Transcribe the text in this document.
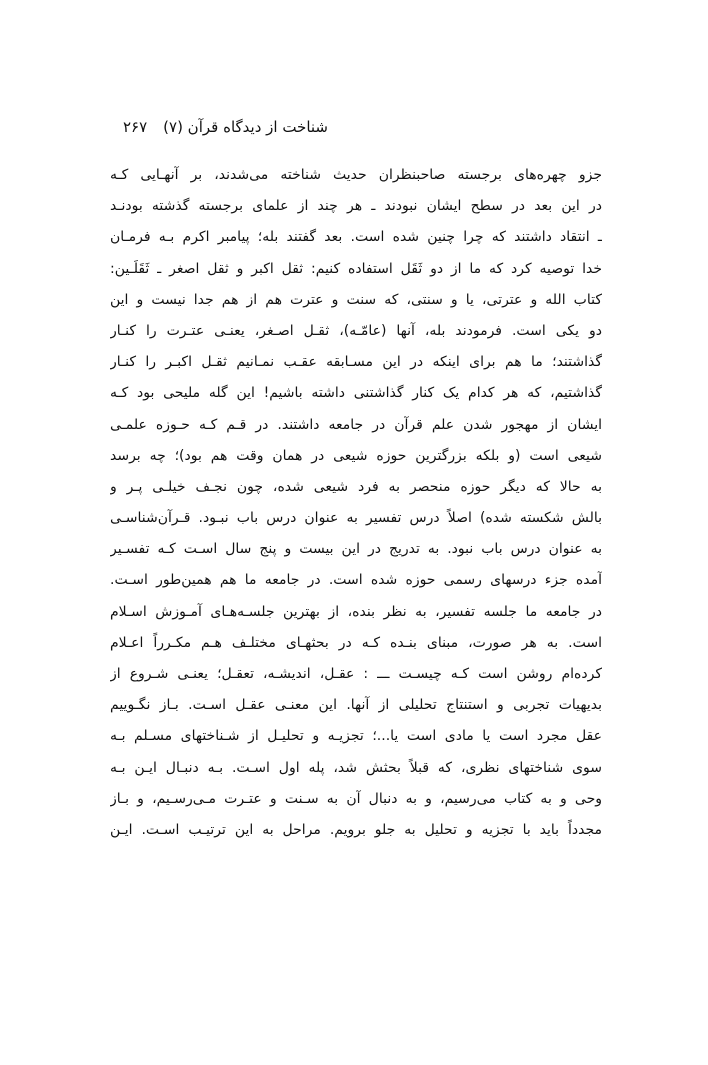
شناخت از دیدگاه قرآن (۷)
۲۶۷
جزو چهره‌های برجسته صاحبنظران حدیث شناخته می‌شدند، بر آنهـایی کـه
در این بعد در سطح ایشان نبودند ـ هر چند از علمای برجسته گذشته بودنـد
ـ انتقاد داشتند که چرا چنین شده است. بعد گفتند بله؛ پیامبر اکرم بـه فرمـان
خدا توصیه کرد که ما از دو ثَقَل استفاده کنیم: ثقل اکبر و ثقل اصغر ـ ثَقَلَـین:
کتاب الله و عترتی، یا و سنتی، که سنت و عترت هم از هم جدا نیست و این
دو یکی است. فرمودند بله، آنها (عامّـه)، ثقـل اصـغر، یعنـی عتـرت را کنـار
گذاشتند؛ ما هم برای اینکه در این مسـابقه عقـب نمـانیم ثقـل اکبـر را کنـار
گذاشتیم، که هر کدام یک کنار گذاشتنی داشته باشیم! این گله ملیحی بود کـه
ایشان از مهجور شدن علم قرآن در جامعه داشتند. در قـم کـه حـوزه علمـی
شیعی است (و بلکه بزرگترین حوزه شیعی در همان وقت هم بود)؛ چه برسد
به حالا که دیگر حوزه منحصر به فرد شیعی شده، چون نجـف خیلـی پـر و
بالش شکسته شده) اصلاً درس تفسیر به عنوان درس باب نبـود. قـرآن‌شناسـی
به عنوان درس باب نبود. به تدریج در این بیست و پنج سال اسـت کـه تفسـیر
آمده جزء درسهای رسمی حوزه شده است. در جامعه ما هم همین‌طور اسـت.
در جامعه ما جلسه تفسیر، به نظر بنده، از بهترین جلسـه‌هـای آمـوزش اسـلام
است. به هر صورت، مبنای بنـده کـه در بحثهـای مختلـف هـم مکـرراً اعـلام
کرده‌ام روشن است کـه چیسـت ـــ : عقـل، اندیشـه، تعقـل؛ یعنـی شـروع از
بدیهیات تجربی و استنتاج تحلیلی از آنها. این معنـی عقـل اسـت. بـاز نگـوییم
عقل مجرد است یا مادی است یا...؛ تجزیـه و تحلیـل از شـناختهای مسـلم بـه
سوی شناختهای نظری، که قبلاً بحثش شد، پله اول اسـت. بـه دنبـال ایـن بـه
وحی و به کتاب می‌رسیم، و به دنبال آن به سـنت و عتـرت مـی‌رسـیم، و بـاز
مجدداً باید با تجزیه و تحلیل به جلو برویم. مراحل به این ترتیـب اسـت. ایـن
